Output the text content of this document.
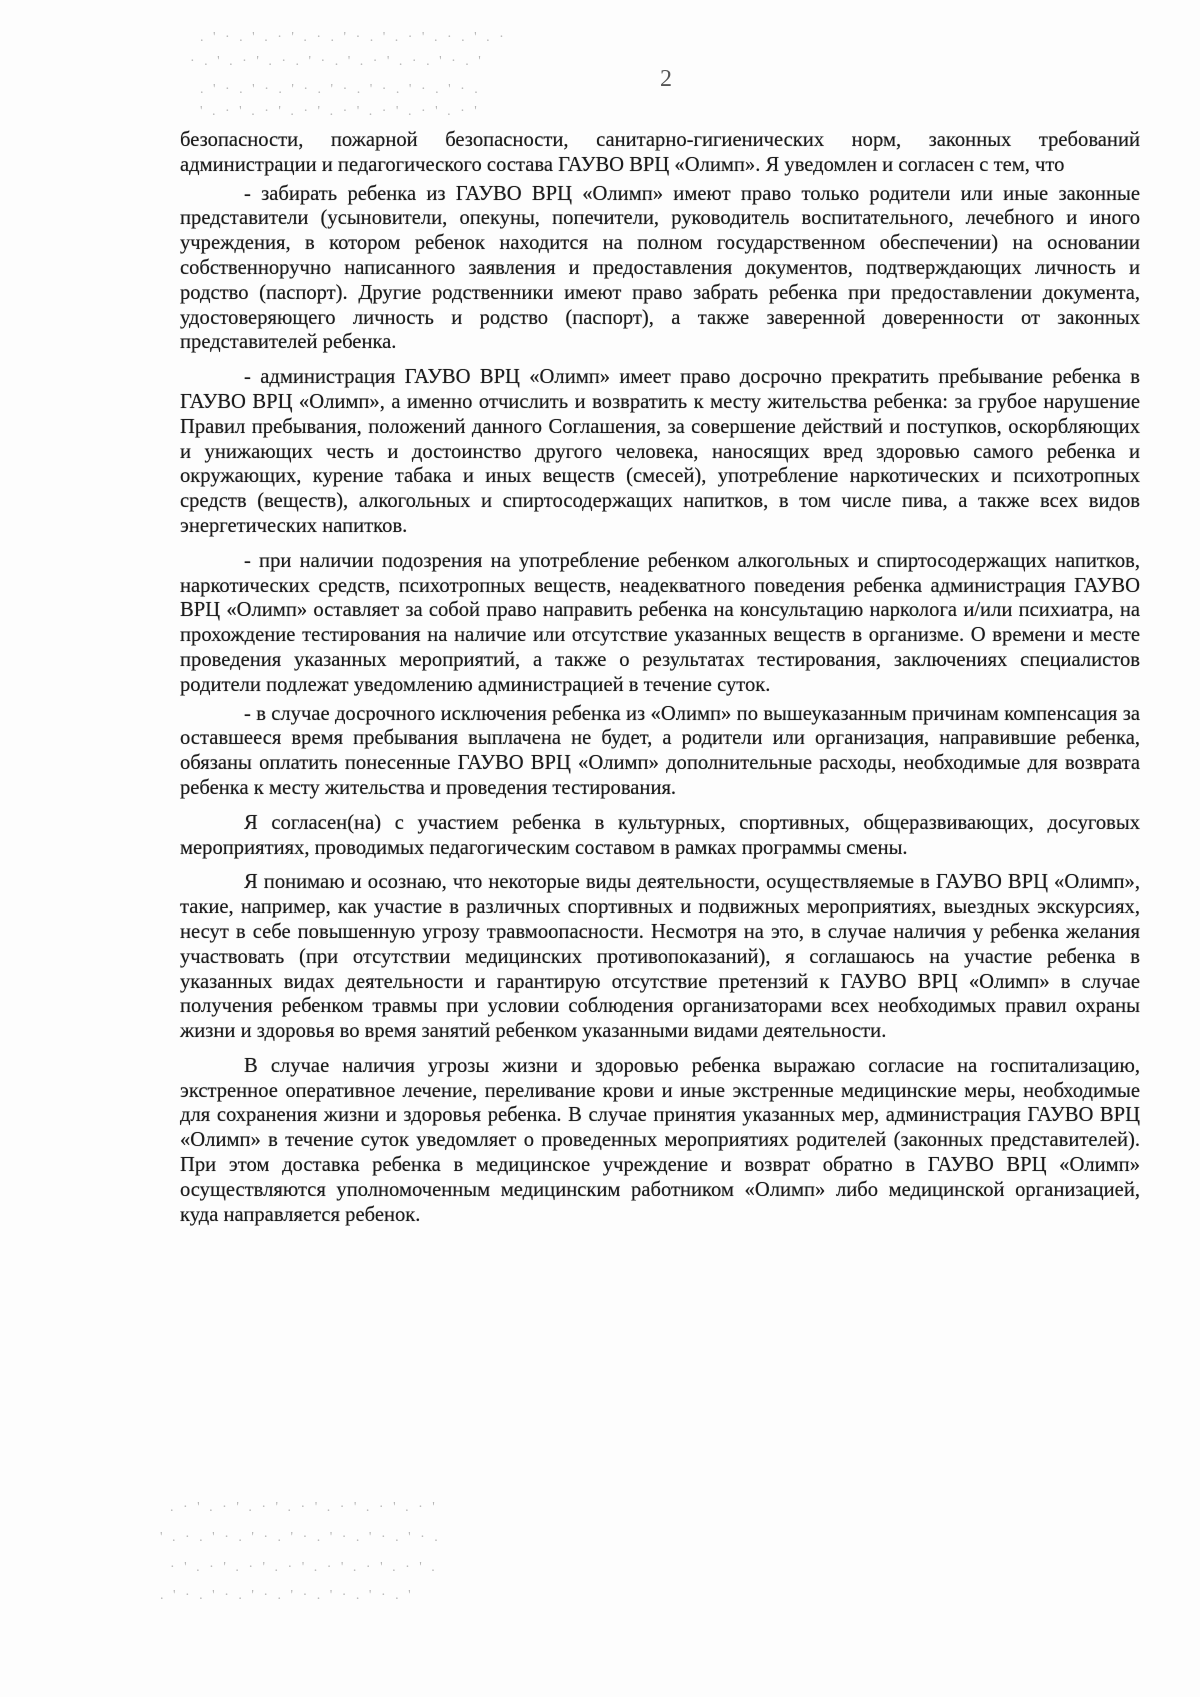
. ' · . ' . · ' . · . ' · . ' . · ' . · . ' . ·
· . ' . · ' . · . ' · . ' . · ' . · . ' · . '
. ' · . ' · . ' · . ' · . ' · . ' · . ' · .
' . · ' . · ' . · ' . · ' . · ' . · ' . · '
2

безопасности, пожарной безопасности, санитарно-гигиенических норм, законных требований администрации и педагогического состава ГАУВО ВРЦ «Олимп». Я уведомлен и согласен с тем, что

- забирать ребенка из ГАУВО ВРЦ «Олимп» имеют право только родители или иные законные представители (усыновители, опекуны, попечители, руководитель воспитательного, лечебного и иного учреждения, в котором ребенок находится на полном государственном обеспечении) на основании собственноручно написанного заявления и предоставления документов, подтверждающих личность и родство (паспорт). Другие родственники имеют право забрать ребенка при предоставлении документа, удостоверяющего личность и родство (паспорт), а также заверенной доверенности от законных представителей ребенка.

- администрация ГАУВО ВРЦ «Олимп» имеет право досрочно прекратить пребывание ребенка в ГАУВО ВРЦ «Олимп», а именно отчислить и возвратить к месту жительства ребенка: за грубое нарушение Правил пребывания, положений данного Соглашения, за совершение действий и поступков, оскорбляющих и унижающих честь и достоинство другого человека, наносящих вред здоровью самого ребенка и окружающих, курение табака и иных веществ (смесей), употребление наркотических и психотропных средств (веществ), алкогольных и спиртосодержащих напитков, в том числе пива, а также всех видов энергетических напитков.

- при наличии подозрения на употребление ребенком алкогольных и спиртосодержащих напитков, наркотических средств, психотропных веществ, неадекватного поведения ребенка администрация ГАУВО ВРЦ «Олимп» оставляет за собой право направить ребенка на консультацию нарколога и/или психиатра, на прохождение тестирования на наличие или отсутствие указанных веществ в организме. О времени и месте проведения указанных мероприятий, а также о результатах тестирования, заключениях специалистов родители подлежат уведомлению администрацией в течение суток.

- в случае досрочного исключения ребенка из «Олимп» по вышеуказанным причинам компенсация за оставшееся время пребывания выплачена не будет, а родители или организация, направившие ребенка, обязаны оплатить понесенные ГАУВО ВРЦ «Олимп» дополнительные расходы, необходимые для возврата ребенка к месту жительства и проведения тестирования.

Я согласен(на) с участием ребенка в культурных, спортивных, общеразвивающих, досуговых мероприятиях, проводимых педагогическим составом в рамках программы смены.

Я понимаю и осознаю, что некоторые виды деятельности, осуществляемые в ГАУВО ВРЦ «Олимп», такие, например, как участие в различных спортивных и подвижных мероприятиях, выездных экскурсиях, несут в себе повышенную угрозу травмоопасности. Несмотря на это, в случае наличия у ребенка желания участвовать (при отсутствии медицинских противопоказаний), я соглашаюсь на участие ребенка в указанных видах деятельности и гарантирую отсутствие претензий к ГАУВО ВРЦ «Олимп» в случае получения ребенком травмы при условии соблюдения организаторами всех необходимых правил охраны жизни и здоровья во время занятий ребенком указанными видами деятельности.

В случае наличия угрозы жизни и здоровью ребенка выражаю согласие на госпитализацию, экстренное оперативное лечение, переливание крови и иные экстренные медицинские меры, необходимые для сохранения жизни и здоровья ребенка. В случае принятия указанных мер, администрация ГАУВО ВРЦ «Олимп» в течение суток уведомляет о проведенных мероприятиях родителей (законных представителей). При этом доставка ребенка в медицинское учреждение и возврат обратно в ГАУВО ВРЦ «Олимп» осуществляются уполномоченным медицинским работником «Олимп» либо медицинской организацией, куда направляется ребенок.

. · ' . · ' . · ' . · ' . · ' . · ' . · '
' . · . ' · . ' · . ' · . ' · . ' · . ' · .
· ' . · ' . · ' . · ' . · ' . · ' . · ' .
. ' · . ' · . ' · . ' · . ' · . ' · . '
